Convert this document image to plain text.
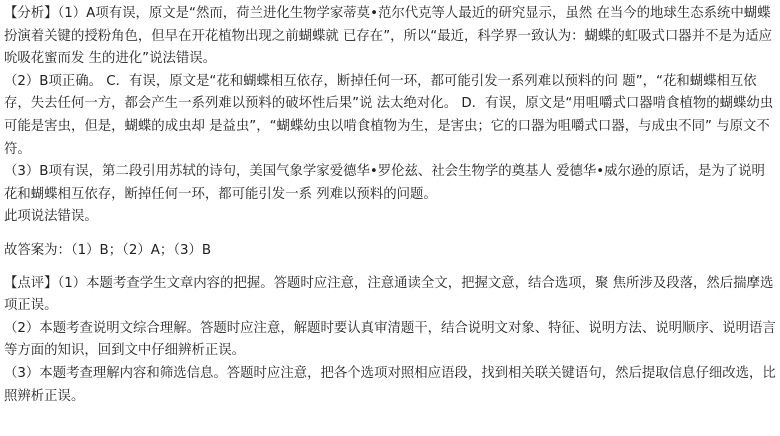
【分析】（1）A项有误，原文是“然而，荷兰进化生物学家蒂莫•范尔代克等人最近的研究显示，虽然 在当今的地球生态系统中蝴蝶扮演着关键的授粉角色，但早在开花植物出现之前蝴蝶就 已存在”，所以“最近，科学界一致认为：蝴蝶的虹吸式口器并不是为适应吮吸花蜜而发 生的进化”说法错误。

（2）B项正确。 C．有误，原文是“花和蝴蝶相互依存，断掉任何一环，都可能引发一系列难以预料的问 题”，“花和蝴蝶相互依存，失去任何一方，都会产生一系列难以预料的破坏性后果”说 法太绝对化。 D．有误，原文是“用咀嚼式口器啃食植物的蝴蝶幼虫可能是害虫，但是，蝴蝶的成虫却 是益虫”，“蝴蝶幼虫以啃食植物为生，是害虫；它的口器为咀嚼式口器，与成虫不同” 与原文不符。

（3）B项有误，第二段引用苏轼的诗句，美国气象学家爱德华•罗伦兹、社会生物学的奠基人 爱德华•威尔逊的原话，是为了说明花和蝴蝶相互依存，断掉任何一环，都可能引发一系 列难以预料的问题。

此项说法错误。

故答案为：（1）B；（2）A；（3）B

【点评】（1）本题考查学生文章内容的把握。答题时应注意，注意通读全文，把握文意，结合选项，聚 焦所涉及段落，然后揣摩选项正误。

（2）本题考查说明文综合理解。答题时应注意，解题时要认真审清题干，结合说明文对象、特征、说明方法、说明顺序、说明语言等方面的知识，回到文中仔细辨析正误。

（3）本题考查理解内容和筛选信息。答题时应注意，把各个选项对照相应语段，找到相关联关键语句，然后提取信息仔细改选，比照辨析正误。
